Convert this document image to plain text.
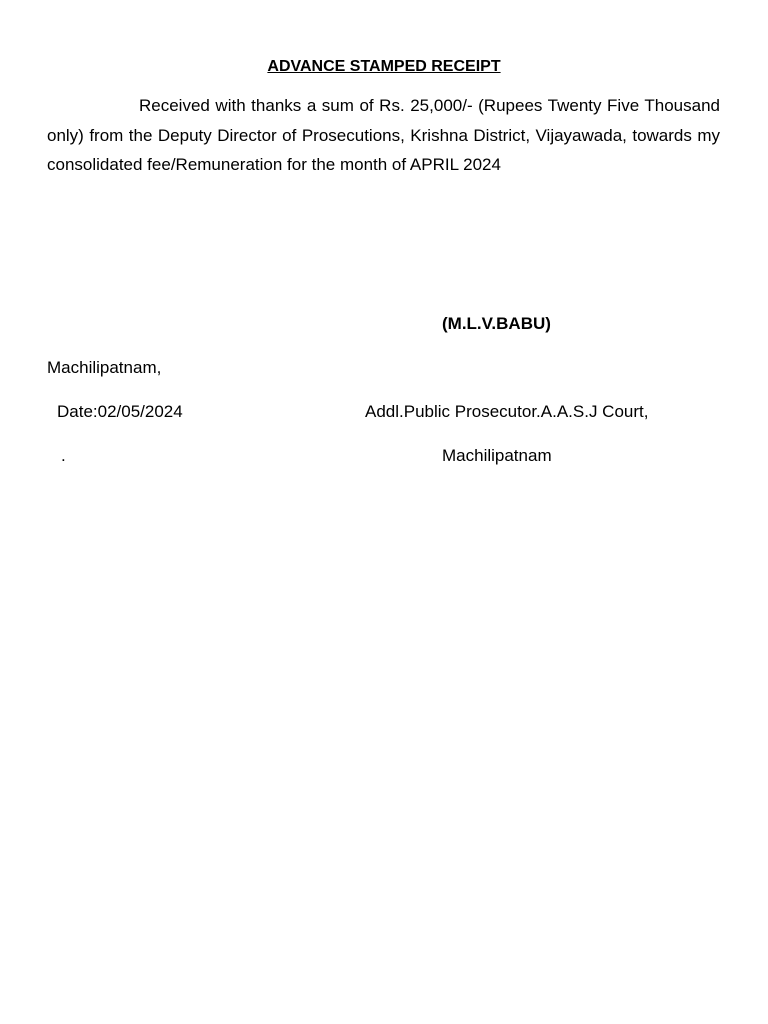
ADVANCE STAMPED RECEIPT

Received with thanks a sum of Rs. 25,000/- (Rupees Twenty Five Thousand only) from the Deputy Director of Prosecutions, Krishna District, Vijayawada, towards my consolidated fee/Remuneration for the month of APRIL 2024

(M.L.V.BABU)
Machilipatnam,
Date:02/05/2024	Addl.Public Prosecutor.A.A.S.J Court,
.	Machilipatnam
